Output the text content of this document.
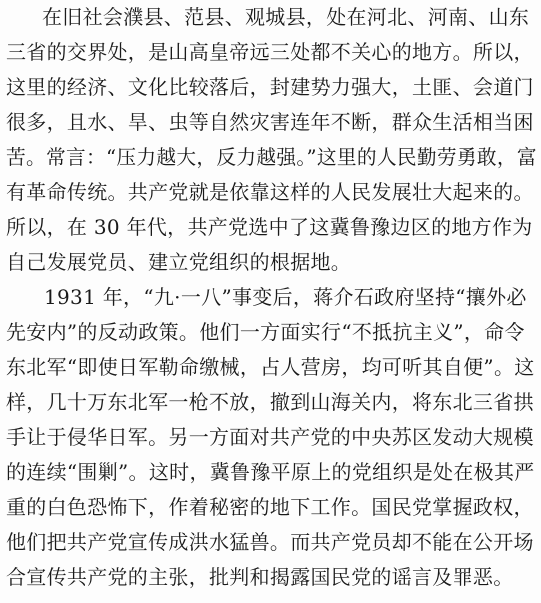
在旧社会濮县、范县、观城县，处在河北、河南、山东
三省的交界处，是山高皇帝远三处都不关心的地方。所以，
这里的经济、文化比较落后，封建势力强大，土匪、会道门
很多，且水、旱、虫等自然灾害连年不断，群众生活相当困
苦。常言：“压力越大，反力越强。”这里的人民勤劳勇敢，富
有革命传统。共产党就是依靠这样的人民发展壮大起来的。
所以，在 30 年代，共产党选中了这冀鲁豫边区的地方作为
自己发展党员、建立党组织的根据地。
1931 年，“九·一八”事变后，蒋介石政府坚持“攘外必
先安内”的反动政策。他们一方面实行“不抵抗主义”，命令
东北军“即使日军勒命缴械，占人营房，均可听其自便”。这
样，几十万东北军一枪不放，撤到山海关内，将东北三省拱
手让于侵华日军。另一方面对共产党的中央苏区发动大规模
的连续“围剿”。这时，冀鲁豫平原上的党组织是处在极其严
重的白色恐怖下，作着秘密的地下工作。国民党掌握政权，
他们把共产党宣传成洪水猛兽。而共产党员却不能在公开场
合宣传共产党的主张，批判和揭露国民党的谣言及罪恶。
